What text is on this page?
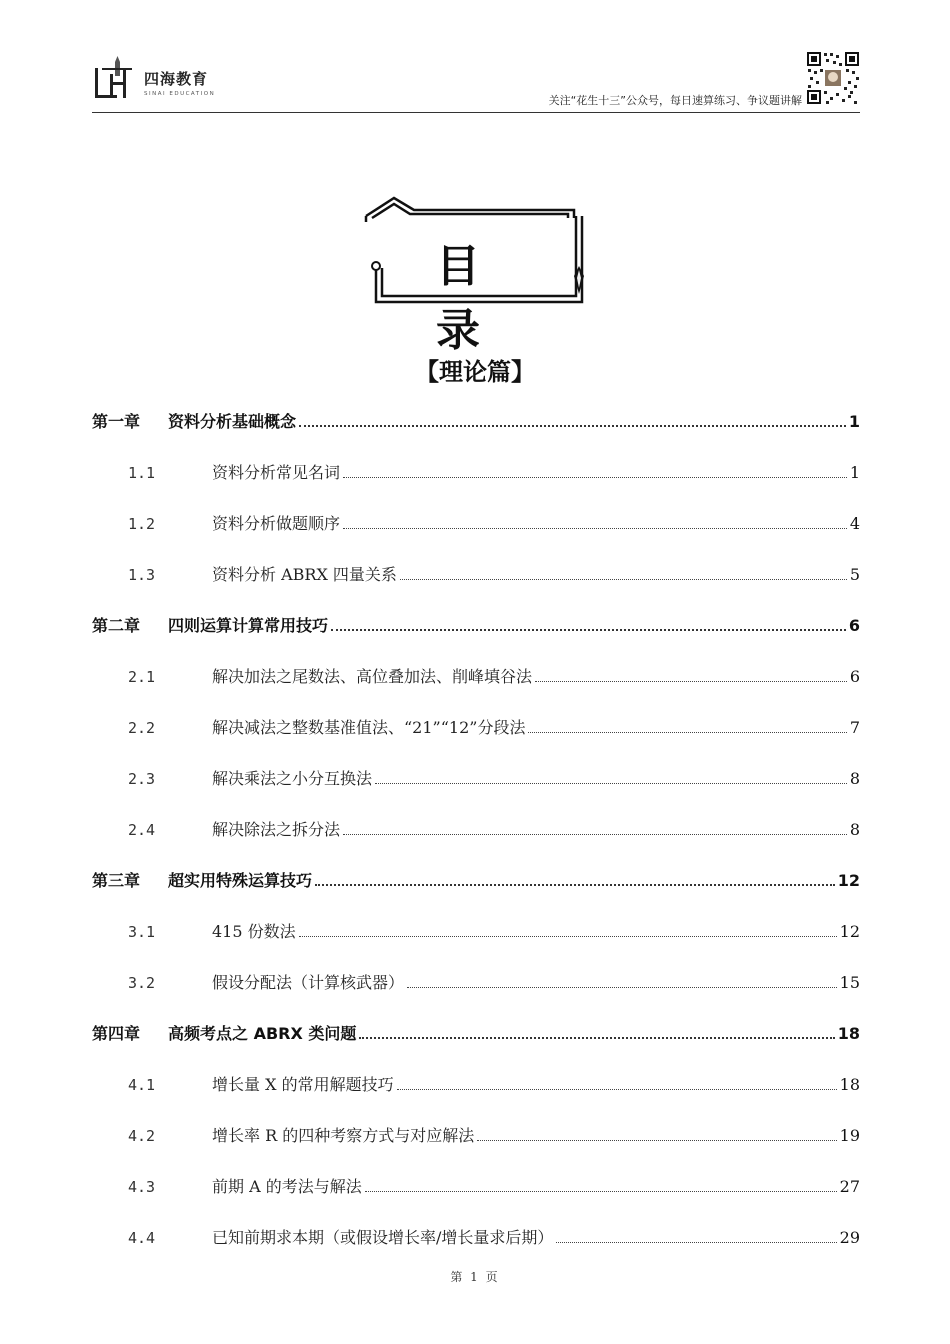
四海教育
SINAI EDUCATION	关注“花生十三”公众号，每日速算练习、争议题讲解
目录
【理论篇】
第一章	资料分析基础概念	1
1.1	资料分析常见名词	1
1.2	资料分析做题顺序	4
1.3	资料分析 ABRX 四量关系	5
第二章	四则运算计算常用技巧	6
2.1	解决加法之尾数法、高位叠加法、削峰填谷法	6
2.2	解决减法之整数基准值法、“21”“12”分段法	7
2.3	解决乘法之小分互换法	8
2.4	解决除法之拆分法	8
第三章	超实用特殊运算技巧	12
3.1	415 份数法	12
3.2	假设分配法（计算核武器）	15
第四章	高频考点之 ABRX 类问题	18
4.1	增长量 X 的常用解题技巧	18
4.2	增长率 R 的四种考察方式与对应解法	19
4.3	前期 A 的考法与解法	27
4.4	已知前期求本期（或假设增长率/增长量求后期）	29
第 1 页
